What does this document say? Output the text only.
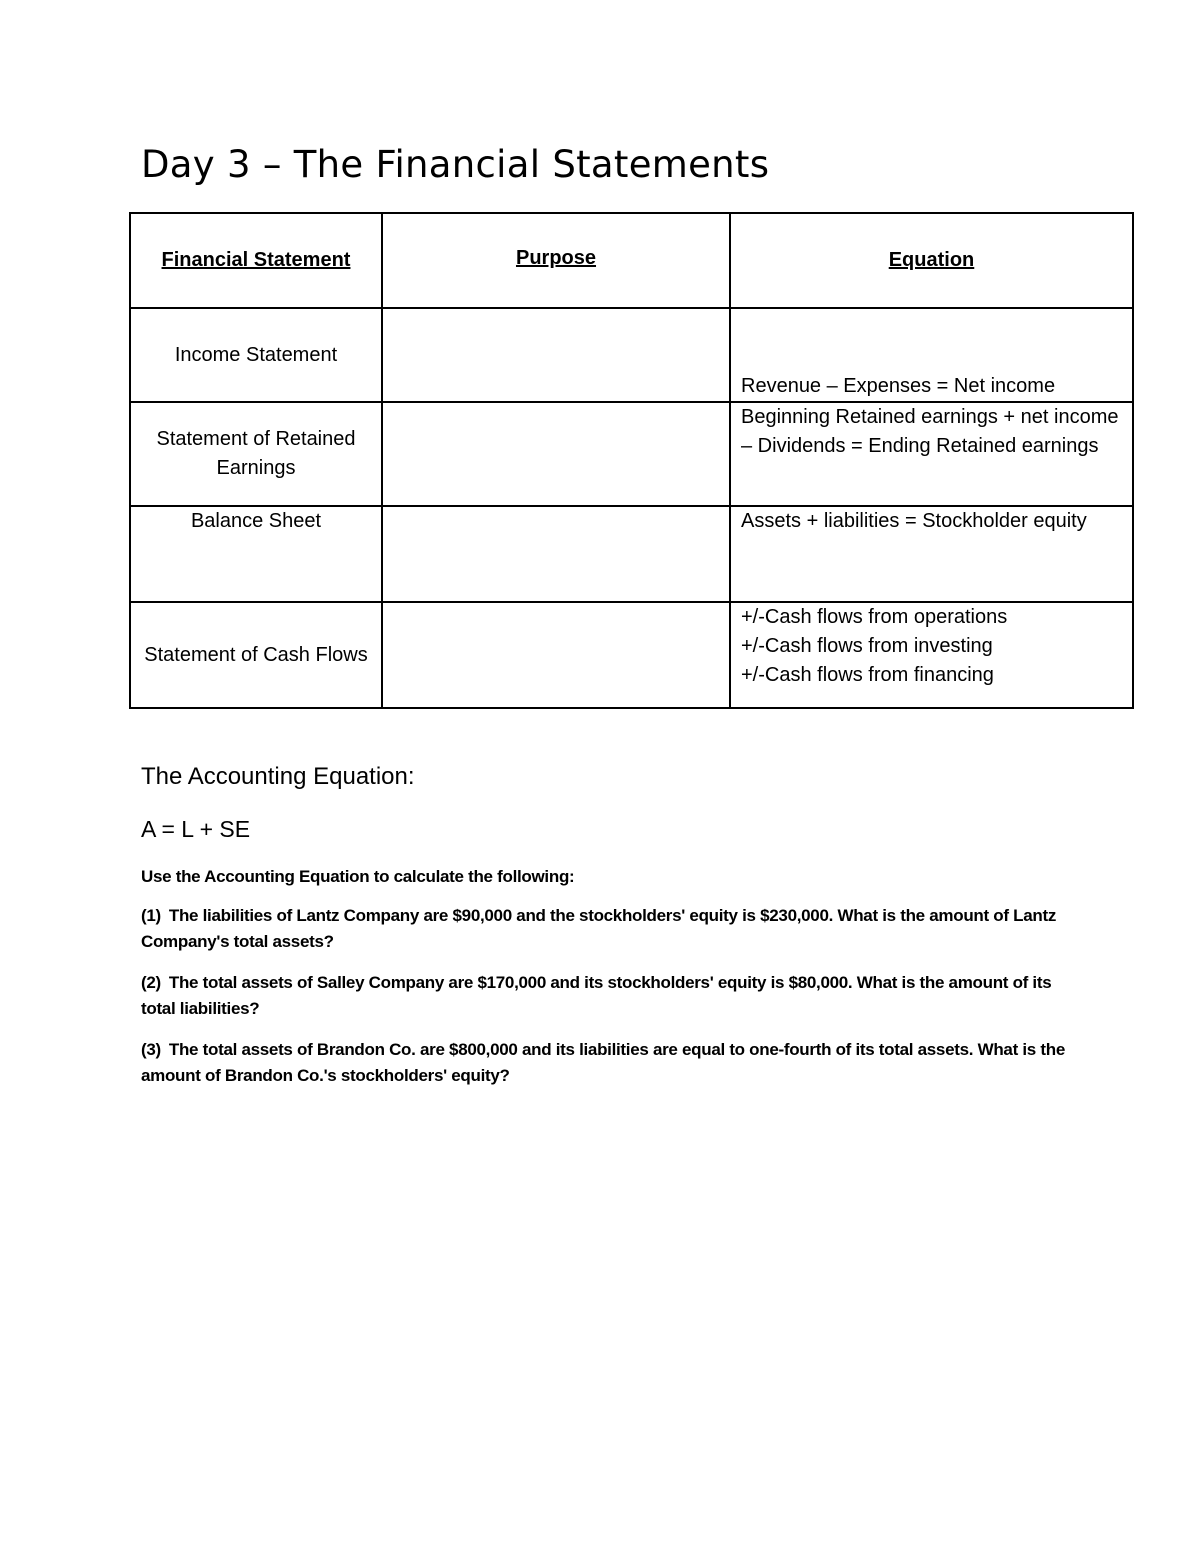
Day 3 – The Financial Statements
Financial Statement	Purpose	Equation
Income Statement		Revenue – Expenses = Net income

Statement of Retained Earnings		Beginning Retained earnings + net income – Dividends = Ending Retained earnings

Balance Sheet		Assets + liabilities = Stockholder equity

Statement of Cash Flows		+/-Cash flows from operations
+/-Cash flows from investing
+/-Cash flows from financing
The Accounting Equation:

A = L + SE

Use the Accounting Equation to calculate the following:

(1) The liabilities of Lantz Company are $90,000 and the stockholders' equity is $230,000. What is the amount of Lantz Company's total assets?
(2) The total assets of Salley Company are $170,000 and its stockholders' equity is $80,000. What is the amount of its total liabilities?
(3) The total assets of Brandon Co. are $800,000 and its liabilities are equal to one-fourth of its total assets. What is the amount of Brandon Co.'s stockholders' equity?
